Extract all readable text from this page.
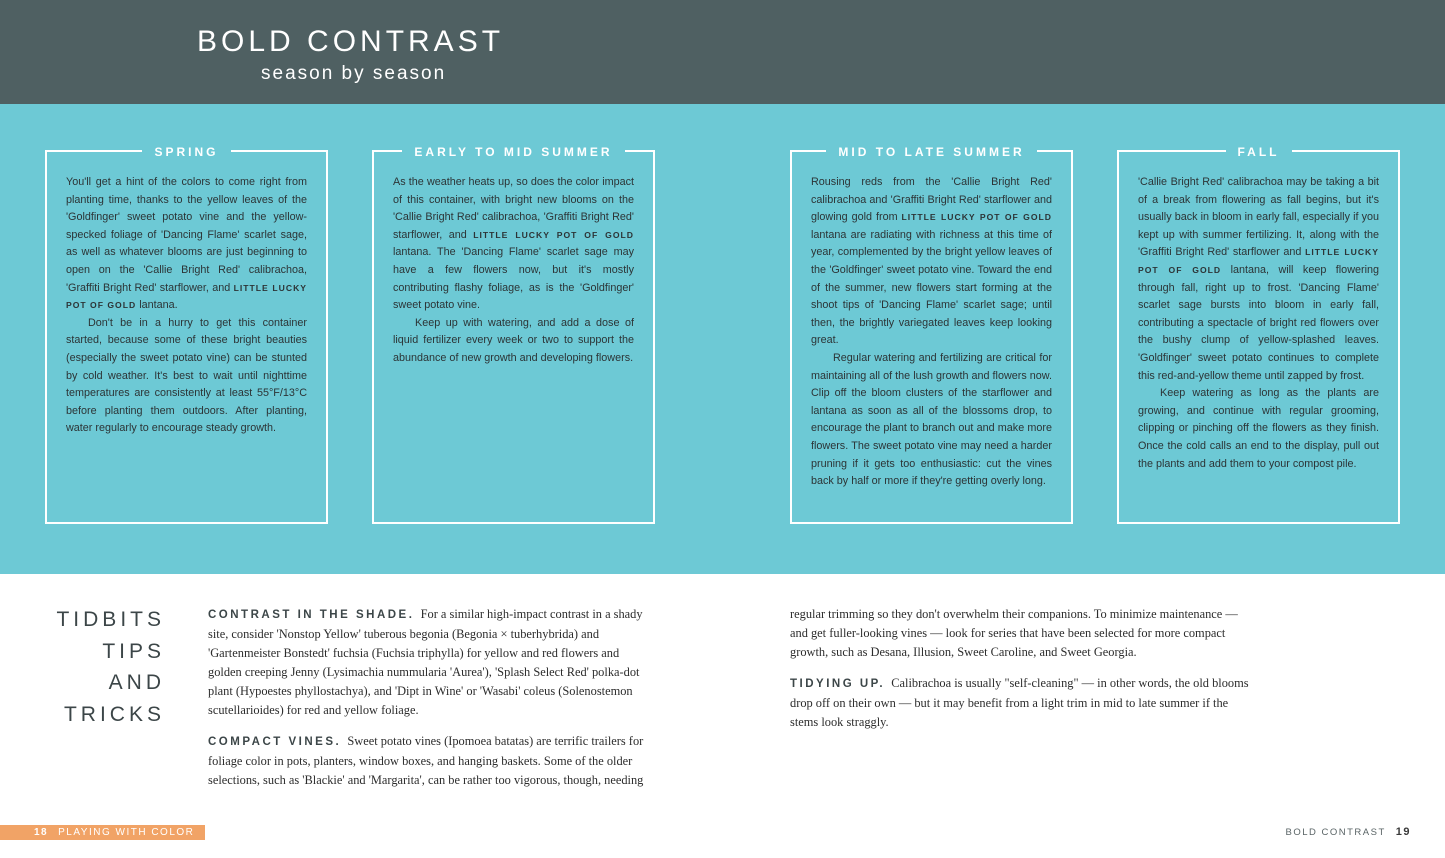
BOLD CONTRAST
season by season
SPRING

You'll get a hint of the colors to come right from planting time, thanks to the yellow leaves of the 'Goldfinger' sweet potato vine and the yellow-specked foliage of 'Dancing Flame' scarlet sage, as well as whatever blooms are just beginning to open on the 'Callie Bright Red' calibrachoa, 'Graffiti Bright Red' starflower, and LITTLE LUCKY POT OF GOLD lantana.

Don't be in a hurry to get this container started, because some of these bright beauties (especially the sweet potato vine) can be stunted by cold weather. It's best to wait until nighttime temperatures are consistently at least 55°F/13°C before planting them outdoors. After planting, water regularly to encourage steady growth.

EARLY TO MID SUMMER

As the weather heats up, so does the color impact of this container, with bright new blooms on the 'Callie Bright Red' calibrachoa, 'Graffiti Bright Red' starflower, and LITTLE LUCKY POT OF GOLD lantana. The 'Dancing Flame' scarlet sage may have a few flowers now, but it's mostly contributing flashy foliage, as is the 'Goldfinger' sweet potato vine.

Keep up with watering, and add a dose of liquid fertilizer every week or two to support the abundance of new growth and developing flowers.

MID TO LATE SUMMER

Rousing reds from the 'Callie Bright Red' calibrachoa and 'Graffiti Bright Red' starflower and glowing gold from LITTLE LUCKY POT OF GOLD lantana are radiating with richness at this time of year, complemented by the bright yellow leaves of the 'Goldfinger' sweet potato vine. Toward the end of the summer, new flowers start forming at the shoot tips of 'Dancing Flame' scarlet sage; until then, the brightly variegated leaves keep looking great.

Regular watering and fertilizing are critical for maintaining all of the lush growth and flowers now. Clip off the bloom clusters of the starflower and lantana as soon as all of the blossoms drop, to encourage the plant to branch out and make more flowers. The sweet potato vine may need a harder pruning if it gets too enthusiastic: cut the vines back by half or more if they're getting overly long.

FALL

'Callie Bright Red' calibrachoa may be taking a bit of a break from flowering as fall begins, but it's usually back in bloom in early fall, especially if you kept up with summer fertilizing. It, along with the 'Graffiti Bright Red' starflower and LITTLE LUCKY POT OF GOLD lantana, will keep flowering through fall, right up to frost. 'Dancing Flame' scarlet sage bursts into bloom in early fall, contributing a spectacle of bright red flowers over the bushy clump of yellow-splashed leaves. 'Goldfinger' sweet potato continues to complete this red-and-yellow theme until zapped by frost.

Keep watering as long as the plants are growing, and continue with regular grooming, clipping or pinching off the flowers as they finish. Once the cold calls an end to the display, pull out the plants and add them to your compost pile.

TIDBITS
TIPS
AND
TRICKS

CONTRAST IN THE SHADE. For a similar high-impact contrast in a shady site, consider 'Nonstop Yellow' tuberous begonia (Begonia × tuberhybrida) and 'Gartenmeister Bonstedt' fuchsia (Fuchsia triphylla) for yellow and red flowers and golden creeping Jenny (Lysimachia nummularia 'Aurea'), 'Splash Select Red' polka-dot plant (Hypoestes phyllostachya), and 'Dipt in Wine' or 'Wasabi' coleus (Solenostemon scutellarioides) for red and yellow foliage.

COMPACT VINES. Sweet potato vines (Ipomoea batatas) are terrific trailers for foliage color in pots, planters, window boxes, and hanging baskets. Some of the older selections, such as 'Blackie' and 'Margarita', can be rather too vigorous, though, needing

regular trimming so they don't overwhelm their companions. To minimize maintenance — and get fuller-looking vines — look for series that have been selected for more compact growth, such as Desana, Illusion, Sweet Caroline, and Sweet Georgia.

TIDYING UP. Calibrachoa is usually "self-cleaning" — in other words, the old blooms drop off on their own — but it may benefit from a light trim in mid to late summer if the stems look straggly.

18 PLAYING WITH COLOR	BOLD CONTRAST 19
